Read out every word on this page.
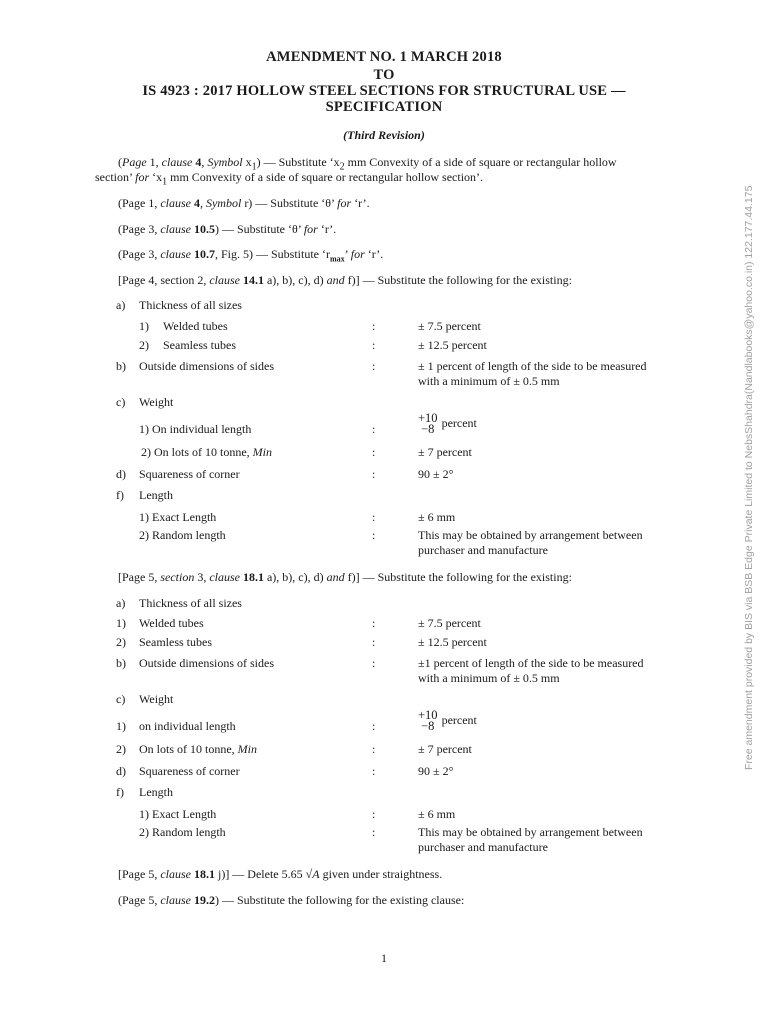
AMENDMENT NO. 1 MARCH 2018
TO
IS 4923 : 2017 HOLLOW STEEL SECTIONS FOR STRUCTURAL USE —
SPECIFICATION
(Third Revision)
(Page 1, clause 4, Symbol $x_1$) — Substitute ‘$x_2$ mm Convexity of a side of square or rectangular hollow
section’ for ‘$x_1$ mm Convexity of a side of square or rectangular hollow section’.
(Page 1, clause 4, Symbol r) — Substitute ‘θ’ for ‘r’.
(Page 3, clause 10.5) — Substitute ‘θ’ for ‘r’.
(Page 3, clause 10.7, Fig. 5) — Substitute ‘$r_{max}$’ for ‘r’.
[Page 4, section 2, clause 14.1 a), b), c), d) and f)] — Substitute the following for the existing:
a) Thickness of all sizes
1) Welded tubes	:	± 7.5 percent
2) Seamless tubes	:	± 12.5 percent
b) Outside dimensions of sides	:	± 1 percent of length of the side to be measured
with a minimum of ± 0.5 mm
c) Weight
1) On individual length	:
+10
−8 percent
2) On lots of 10 tonne, Min	:	± 7 percent
d) Squareness of corner	:	90 ± 2°
f) Length
1) Exact Length	:	± 6 mm
2) Random length	:	This may be obtained by arrangement between
purchaser and manufacture
[Page 5, section 3, clause 18.1 a), b), c), d) and f)] — Substitute the following for the existing:
a) Thickness of all sizes
1) Welded tubes	:	± 7.5 percent
2) Seamless tubes	:	± 12.5 percent
b) Outside dimensions of sides	:	±1 percent of length of the side to be measured
with a minimum of ± 0.5 mm
c) Weight
1) on individual length	:
+10
−8 percent
2) On lots of 10 tonne, Min	:	± 7 percent
d) Squareness of corner	:	90 ± 2°
f) Length
1) Exact Length	:	± 6 mm
2) Random length	:	This may be obtained by arrangement between
purchaser and manufacture
[Page 5, clause 18.1 j)] — Delete 5.65 √A given under straightness.
(Page 5, clause 19.2) — Substitute the following for the existing clause:
1
Free amendment provided by BIS via BSB Edge Private Limited to NebsShahdra(Nandlabooks@yahoo.co.in) 122.177.44.175
